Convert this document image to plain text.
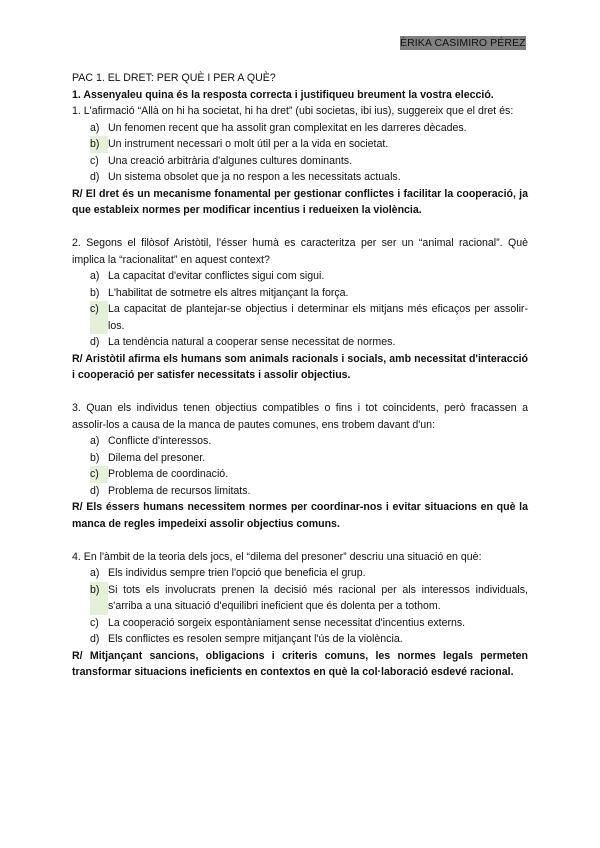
ÈRIKA CASIMIRO PÉREZ

PAC 1. EL DRET: PER QUÈ I PER A QUÈ?

1. Assenyaleu quina és la resposta correcta i justifiqueu breument la vostra elecció.

1. L'afirmació “Allà on hi ha societat, hi ha dret” (ubi societas, ibi ius), suggereix que el dret és:

a) Un fenomen recent que ha assolit gran complexitat en les darreres dècades.
b) Un instrument necessari o molt útil per a la vida en societat.
c) Una creació arbitrària d'algunes cultures dominants.
d) Un sistema obsolet que ja no respon a les necessitats actuals.

R/ El dret és un mecanisme fonamental per gestionar conflictes i facilitar la cooperació, ja que estableix normes per modificar incentius i redueixen la violència.

2. Segons el filòsof Aristòtil, l'ésser humà es caracteritza per ser un “animal racional”. Què implica la “racionalitat” en aquest context?

a) La capacitat d'evitar conflictes sigui com sigui.
b) L'habilitat de sotmetre els altres mitjançant la força.
c) La capacitat de plantejar-se objectius i determinar els mitjans més eficaços per assolir-los.
d) La tendència natural a cooperar sense necessitat de normes.

R/ Aristòtil afirma els humans som animals racionals i socials, amb necessitat d'interacció i cooperació per satisfer necessitats i assolir objectius.

3. Quan els individus tenen objectius compatibles o fins i tot coincidents, però fracassen a assolir-los a causa de la manca de pautes comunes, ens trobem davant d'un:

a) Conflicte d'interessos.
b) Dilema del presoner.
c) Problema de coordinació.
d) Problema de recursos limitats.

R/ Els éssers humans necessitem normes per coordinar-nos i evitar situacions en què la manca de regles impedeixi assolir objectius comuns.

4. En l'àmbit de la teoria dels jocs, el “dilema del presoner” descriu una situació en què:

a) Els individus sempre trien l'opció que beneficia el grup.
b) Si tots els involucrats prenen la decisió més racional per als interessos individuals, s'arriba a una situació d'equilibri ineficient que és dolenta per a tothom.
c) La cooperació sorgeix espontàniament sense necessitat d'incentius externs.
d) Els conflictes es resolen sempre mitjançant l'ús de la violència.

R/ Mitjançant sancions, obligacions i criteris comuns, les normes legals permeten transformar situacions ineficients en contextos en què la col·laboració esdevé racional.
